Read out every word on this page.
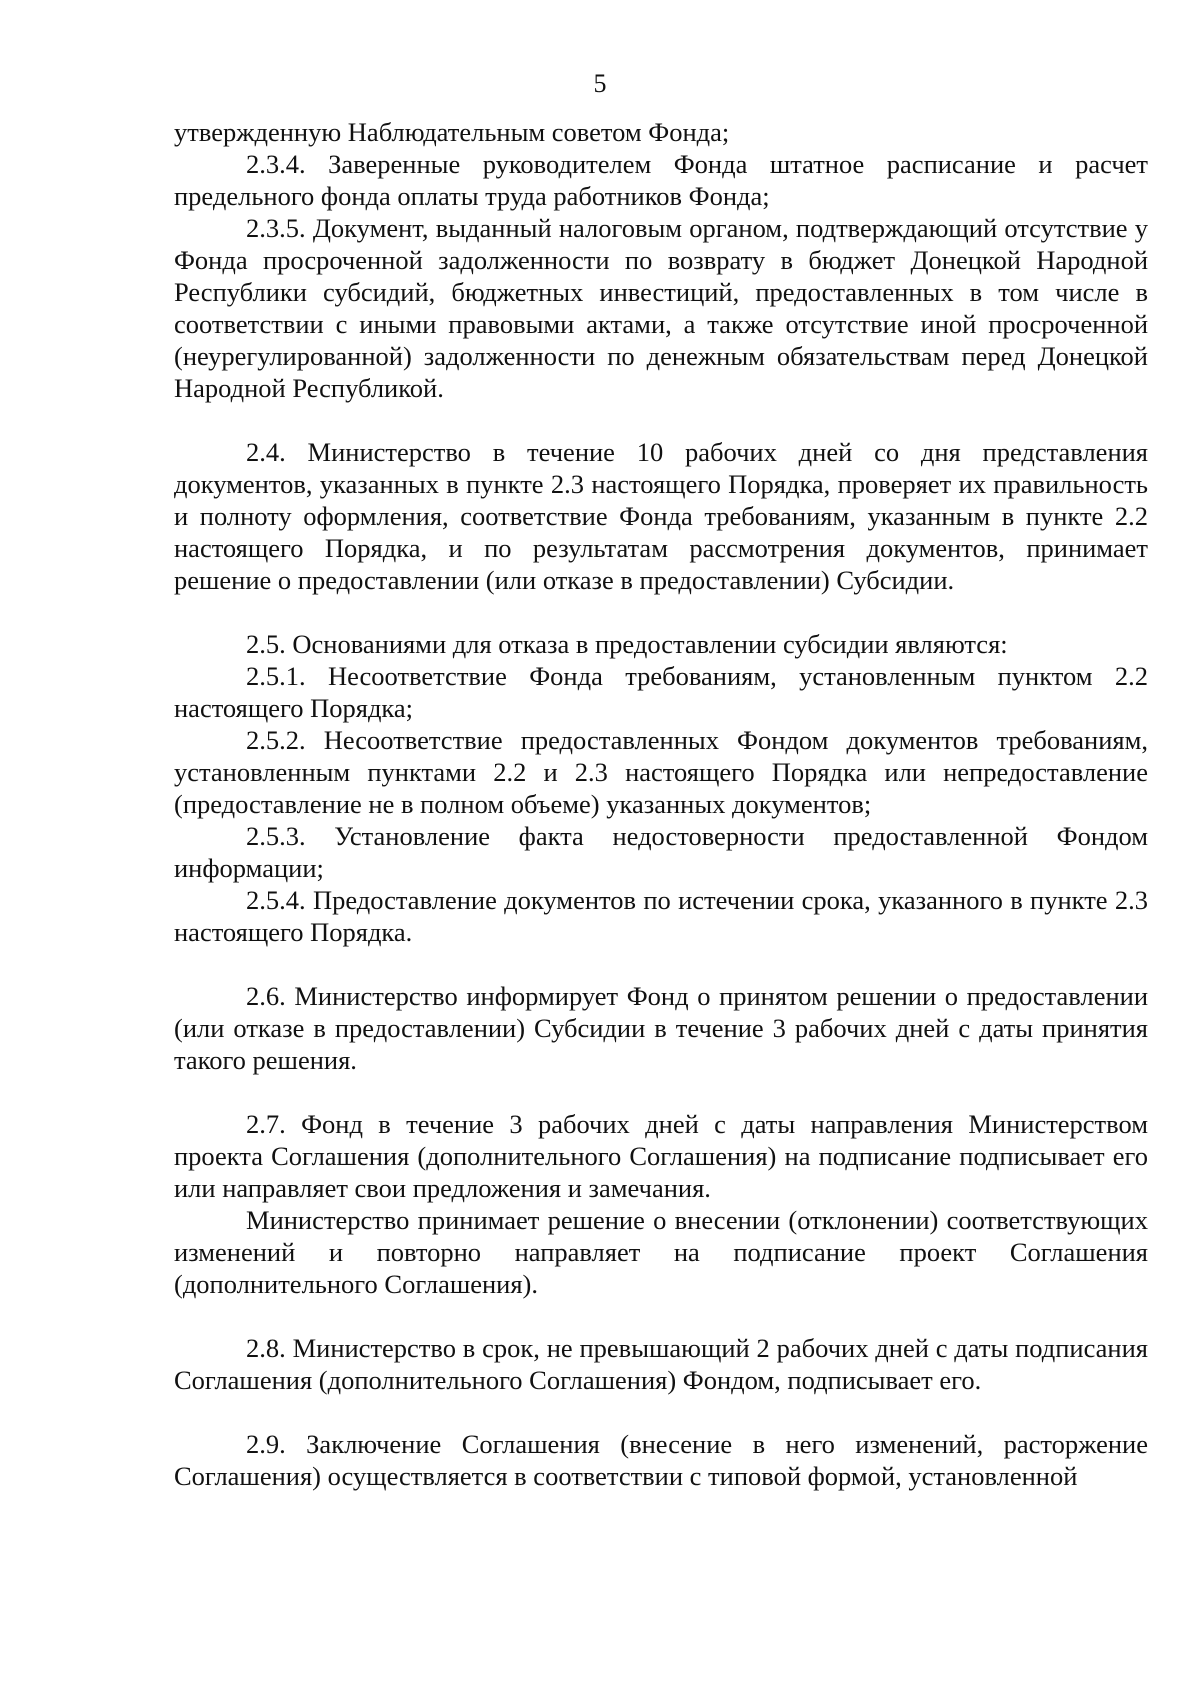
5

утвержденную Наблюдательным советом Фонда;

2.3.4. Заверенные руководителем Фонда штатное расписание и расчет предельного фонда оплаты труда работников Фонда;

2.3.5. Документ, выданный налоговым органом, подтверждающий отсутствие у Фонда просроченной задолженности по возврату в бюджет Донецкой Народной Республики субсидий, бюджетных инвестиций, предоставленных в том числе в соответствии с иными правовыми актами, а также отсутствие иной просроченной (неурегулированной) задолженности по денежным обязательствам перед Донецкой Народной Республикой.

2.4. Министерство в течение 10 рабочих дней со дня представления документов, указанных в пункте 2.3 настоящего Порядка, проверяет их правильность и полноту оформления, соответствие Фонда требованиям, указанным в пункте 2.2 настоящего Порядка, и по результатам рассмотрения документов, принимает решение о предоставлении (или отказе в предоставлении) Субсидии.

2.5. Основаниями для отказа в предоставлении субсидии являются:

2.5.1. Несоответствие Фонда требованиям, установленным пунктом 2.2 настоящего Порядка;

2.5.2. Несоответствие предоставленных Фондом документов требованиям, установленным пунктами 2.2 и 2.3 настоящего Порядка или непредоставление (предоставление не в полном объеме) указанных документов;

2.5.3. Установление факта недостоверности предоставленной Фондом информации;

2.5.4. Предоставление документов по истечении срока, указанного в пункте 2.3 настоящего Порядка.

2.6. Министерство информирует Фонд о принятом решении о предоставлении (или отказе в предоставлении) Субсидии в течение 3 рабочих дней с даты принятия такого решения.

2.7. Фонд в течение 3 рабочих дней с даты направления Министерством проекта Соглашения (дополнительного Соглашения) на подписание подписывает его или направляет свои предложения и замечания.

Министерство принимает решение о внесении (отклонении) соответствующих изменений и повторно направляет на подписание проект Соглашения (дополнительного Соглашения).

2.8. Министерство в срок, не превышающий 2 рабочих дней с даты подписания Соглашения (дополнительного Соглашения) Фондом, подписывает его.

2.9. Заключение Соглашения (внесение в него изменений, расторжение Соглашения) осуществляется в соответствии с типовой формой, установленной
